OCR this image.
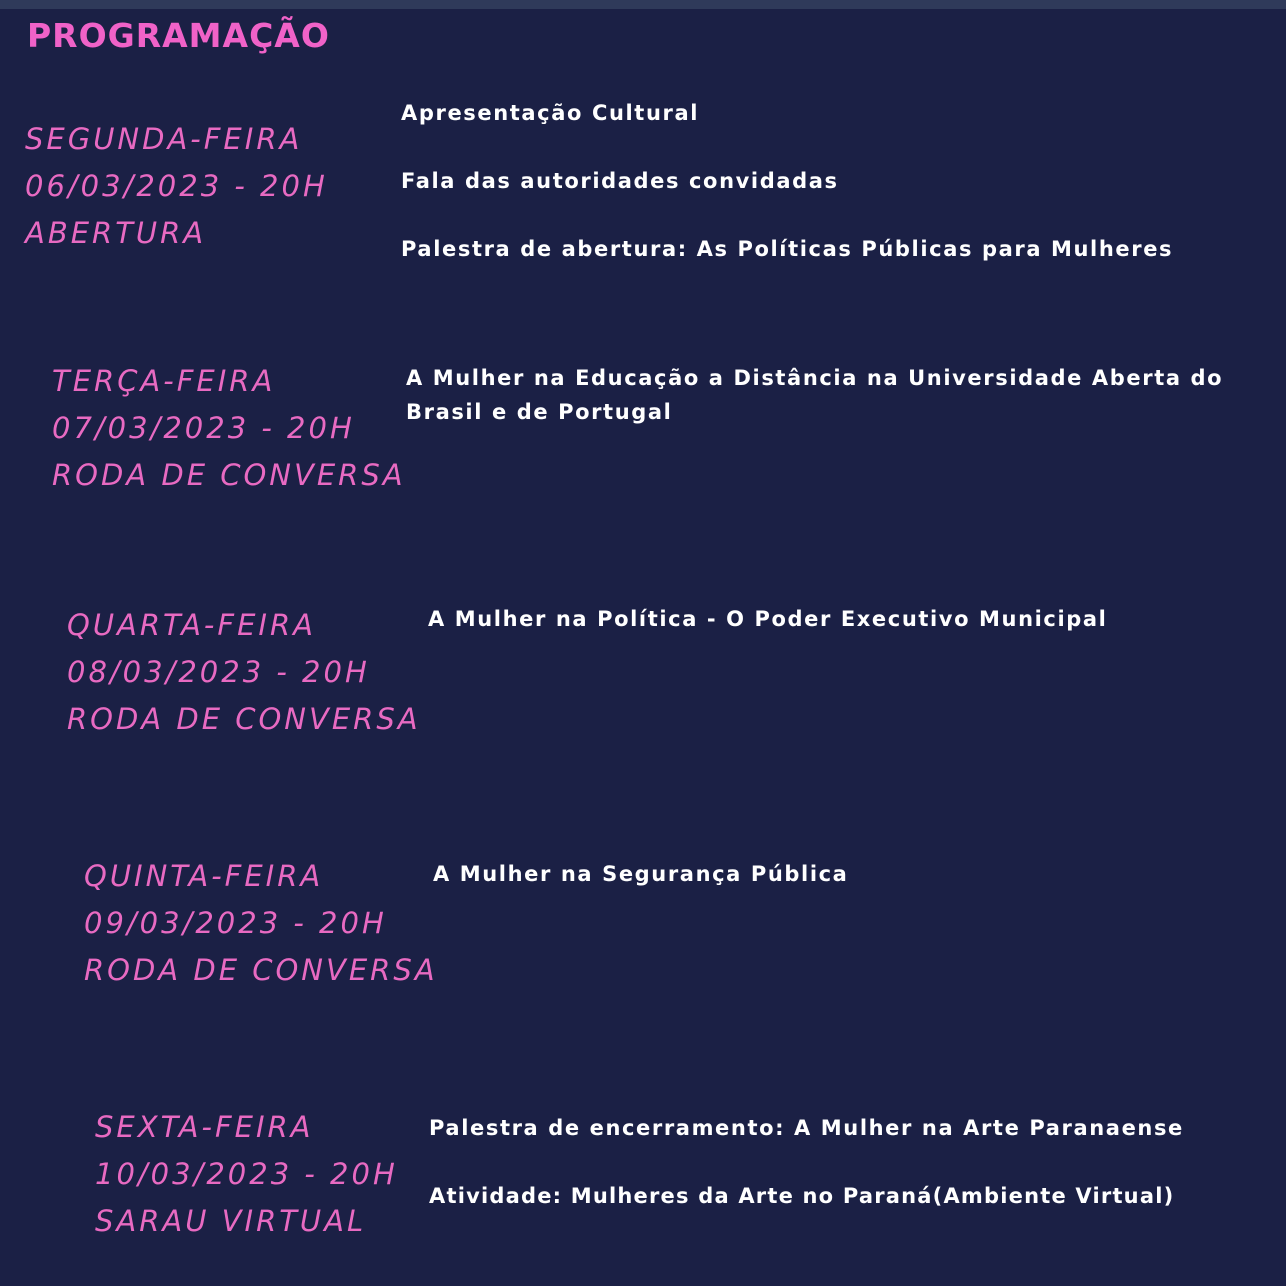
PROGRAMAÇÃO
SEGUNDA-FEIRA
06/03/2023 - 20H
ABERTURA
Apresentação Cultural
Fala das autoridades convidadas
Palestra de abertura: As Políticas Públicas para Mulheres
TERÇA-FEIRA
07/03/2023 - 20H
RODA DE CONVERSA
A Mulher na Educação a Distância na Universidade Aberta do Brasil e de Portugal
QUARTA-FEIRA
08/03/2023 - 20H
RODA DE CONVERSA
A Mulher na Política - O Poder Executivo Municipal
QUINTA-FEIRA
09/03/2023 - 20H
RODA DE CONVERSA
A Mulher na Segurança Pública
SEXTA-FEIRA
10/03/2023 - 20H
SARAU VIRTUAL
Palestra de encerramento: A Mulher na Arte Paranaense
Atividade: Mulheres da Arte no Paraná(Ambiente Virtual)
